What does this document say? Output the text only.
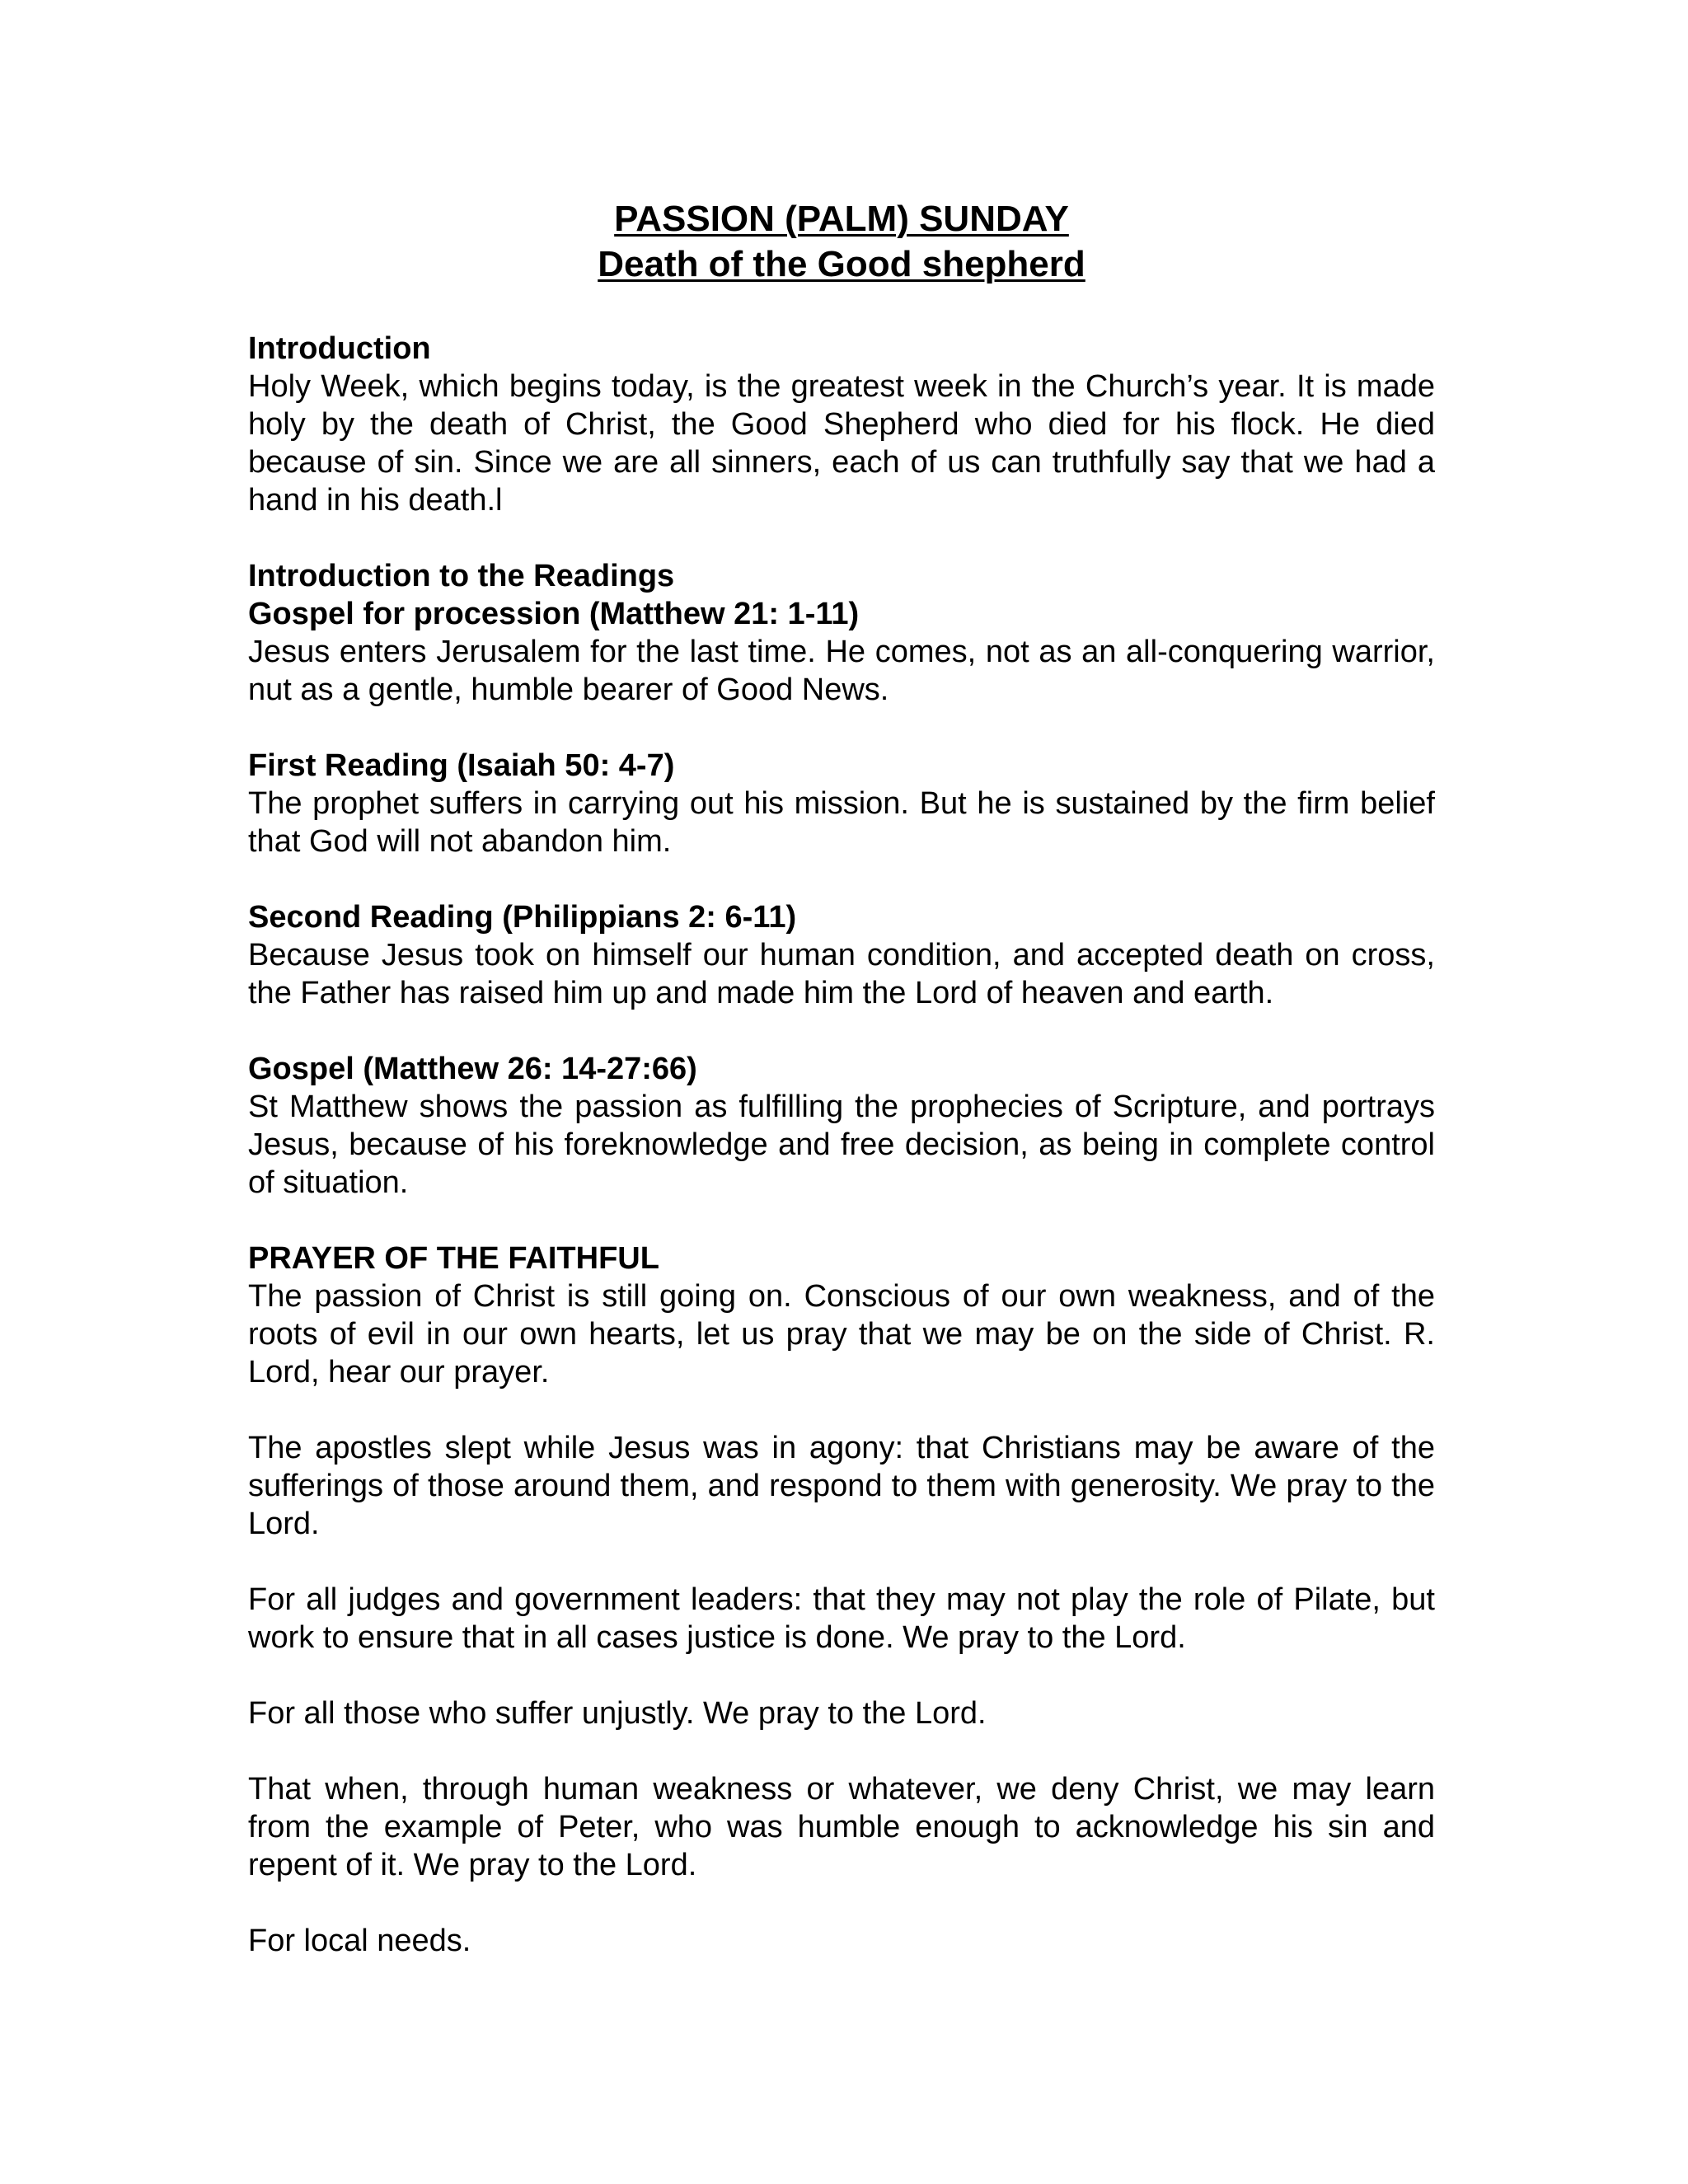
PASSION (PALM) SUNDAY
Death of the Good shepherd

Introduction

Holy Week, which begins today, is the greatest week in the Church’s year. It is made holy by the death of Christ, the Good Shepherd who died for his flock. He died because of sin. Since we are all sinners, each of us can truthfully say that we had a hand in his death.l

Introduction to the Readings

Gospel for procession (Matthew 21: 1-11)

Jesus enters Jerusalem for the last time. He comes, not as an all-conquering warrior, nut as a gentle, humble bearer of Good News.

First Reading (Isaiah 50: 4-7)

The prophet suffers in carrying out his mission. But he is sustained by the firm belief that God will not abandon him.

Second Reading (Philippians 2: 6-11)

Because Jesus took on himself our human condition, and accepted death on cross, the Father has raised him up and made him the Lord of heaven and earth.

Gospel (Matthew 26: 14-27:66)

St Matthew shows the passion as fulfilling the prophecies of Scripture, and portrays Jesus, because of his foreknowledge and free decision, as being in complete control of situation.

PRAYER OF THE FAITHFUL

The passion of Christ is still going on. Conscious of our own weakness, and of the roots of evil in our own hearts, let us pray that we may be on the side of Christ. R. Lord, hear our prayer.

The apostles slept while Jesus was in agony: that Christians may be aware of the sufferings of those around them, and respond to them with generosity. We pray to the Lord.

For all judges and government leaders: that they may not play the role of Pilate, but work to ensure that in all cases justice is done. We pray to the Lord.

For all those who suffer unjustly. We pray to the Lord.

That when, through human weakness or whatever, we deny Christ, we may learn from the example of Peter, who was humble enough to acknowledge his sin and repent of it. We pray to the Lord.

For local needs.
